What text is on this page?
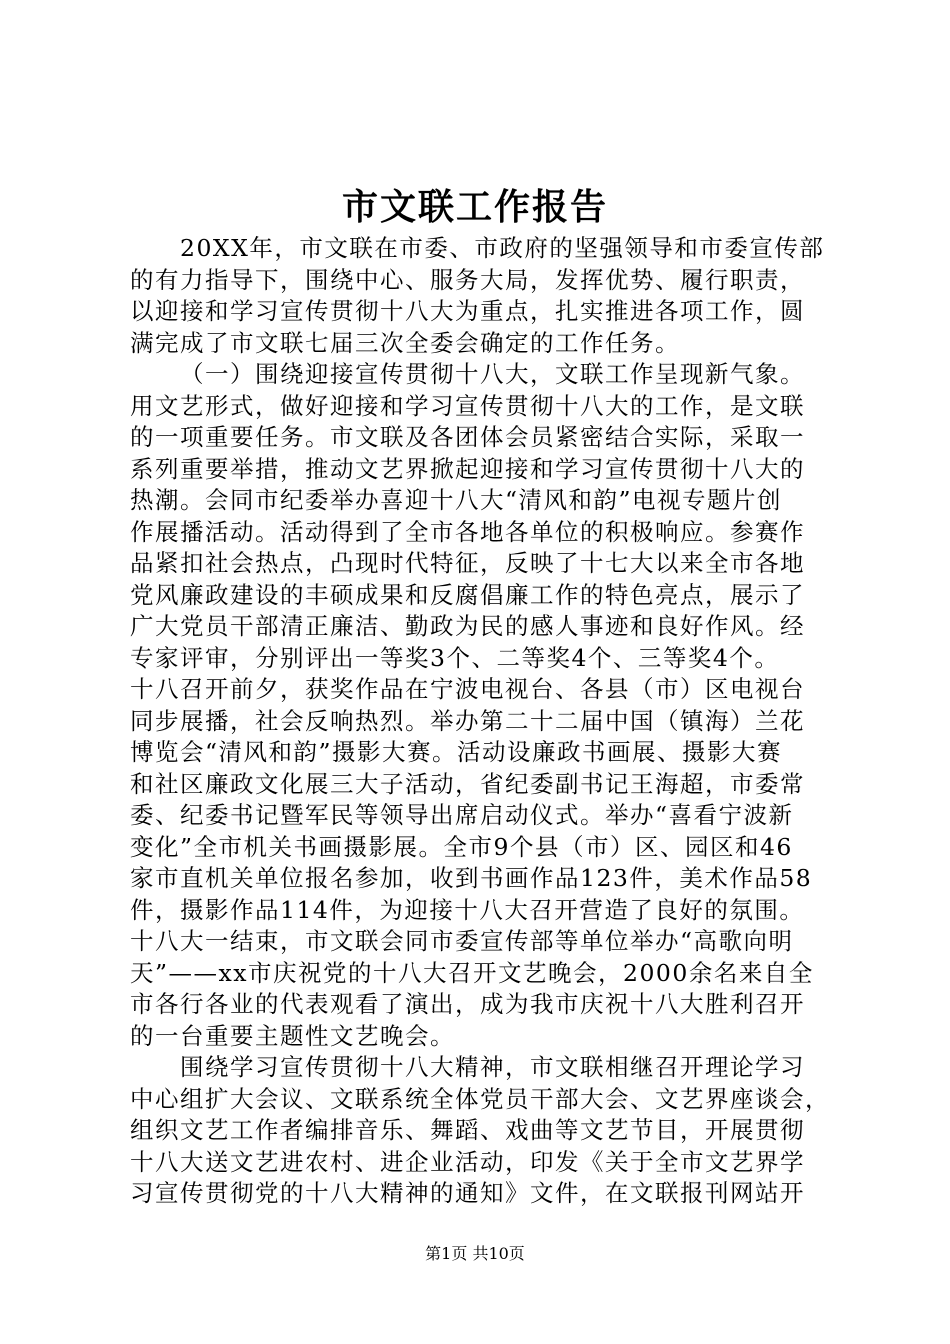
市文联工作报告
20XX年，市文联在市委、市政府的坚强领导和市委宣传部
的有力指导下，围绕中心、服务大局，发挥优势、履行职责，
以迎接和学习宣传贯彻十八大为重点，扎实推进各项工作，圆
满完成了市文联七届三次全委会确定的工作任务。
（一）围绕迎接宣传贯彻十八大，文联工作呈现新气象。
用文艺形式，做好迎接和学习宣传贯彻十八大的工作，是文联
的一项重要任务。市文联及各团体会员紧密结合实际，采取一
系列重要举措，推动文艺界掀起迎接和学习宣传贯彻十八大的
热潮。会同市纪委举办喜迎十八大“清风和韵”电视专题片创
作展播活动。活动得到了全市各地各单位的积极响应。参赛作
品紧扣社会热点，凸现时代特征，反映了十七大以来全市各地
党风廉政建设的丰硕成果和反腐倡廉工作的特色亮点，展示了
广大党员干部清正廉洁、勤政为民的感人事迹和良好作风。经
专家评审，分别评出一等奖3个、二等奖4个、三等奖4个。
十八召开前夕，获奖作品在宁波电视台、各县（市）区电视台
同步展播，社会反响热烈。举办第二十二届中国（镇海）兰花
博览会“清风和韵”摄影大赛。活动设廉政书画展、摄影大赛
和社区廉政文化展三大子活动，省纪委副书记王海超，市委常
委、纪委书记暨军民等领导出席启动仪式。举办“喜看宁波新
变化”全市机关书画摄影展。全市9个县（市）区、园区和46
家市直机关单位报名参加，收到书画作品123件，美术作品58
件，摄影作品114件，为迎接十八大召开营造了良好的氛围。
十八大一结束，市文联会同市委宣传部等单位举办“高歌向明
天”——xx市庆祝党的十八大召开文艺晚会，2000余名来自全
市各行各业的代表观看了演出，成为我市庆祝十八大胜利召开
的一台重要主题性文艺晚会。
围绕学习宣传贯彻十八大精神，市文联相继召开理论学习
中心组扩大会议、文联系统全体党员干部大会、文艺界座谈会，
组织文艺工作者编排音乐、舞蹈、戏曲等文艺节目，开展贯彻
十八大送文艺进农村、进企业活动，印发《关于全市文艺界学
习宣传贯彻党的十八大精神的通知》文件，在文联报刊网站开
第1页 共10页
